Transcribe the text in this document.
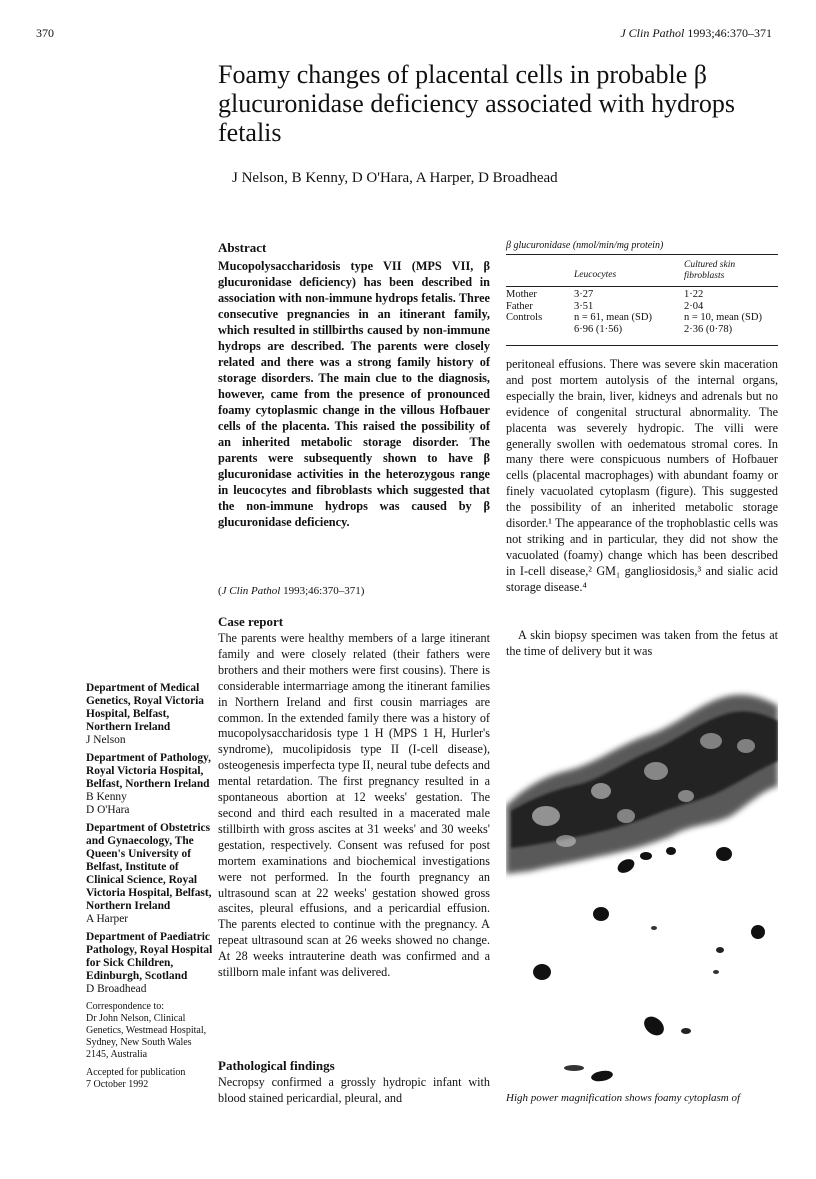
370	J Clin Pathol 1993;46:370–371
Foamy changes of placental cells in probable β glucuronidase deficiency associated with hydrops fetalis
J Nelson, B Kenny, D O'Hara, A Harper, D Broadhead
Abstract

Mucopolysaccharidosis type VII (MPS VII, β glucuronidase deficiency) has been described in association with non-immune hydrops fetalis. Three consecutive pregnancies in an itinerant family, which resulted in stillbirths caused by non-immune hydrops are described. The parents were closely related and there was a strong family history of storage disorders. The main clue to the diagnosis, however, came from the presence of pronounced foamy cytoplasmic change in the villous Hofbauer cells of the placenta. This raised the possibility of an inherited metabolic storage disorder. The parents were subsequently shown to have β glucuronidase activities in the heterozygous range in leucocytes and fibroblasts which suggested that the non-immune hydrops was caused by β glucuronidase deficiency.

(J Clin Pathol 1993;46:370–371)
Case report

The parents were healthy members of a large itinerant family and were closely related (their fathers were brothers and their mothers were first cousins). There is considerable intermarriage among the itinerant families in Northern Ireland and first cousin marriages are common. In the extended family there was a history of mucopolysaccharidosis type 1 H (MPS 1 H, Hurler's syndrome), mucolipidosis type II (I-cell disease), osteogenesis imperfecta type II, neural tube defects and mental retardation. The first pregnancy resulted in a spontaneous abortion at 12 weeks' gestation. The second and third each resulted in a macerated male stillbirth with gross ascites at 31 weeks' and 30 weeks' gestation, respectively. Consent was refused for post mortem examinations and biochemical investigations were not performed. In the fourth pregnancy an ultrasound scan at 22 weeks' gestation showed gross ascites, pleural effusions, and a pericardial effusion. The parents elected to continue with the pregnancy. A repeat ultrasound scan at 26 weeks showed no change. At 28 weeks intrauterine death was confirmed and a stillborn male infant was delivered.

Pathological findings

Necropsy confirmed a grossly hydropic infant with blood stained pericardial, pleural, and

Department of Medical Genetics, Royal Victoria Hospital, Belfast, Northern Ireland
J Nelson
Department of Pathology, Royal Victoria Hospital, Belfast, Northern Ireland
B Kenny
D O'Hara
Department of Obstetrics and Gynaecology, The Queen's University of Belfast, Institute of Clinical Science, Royal Victoria Hospital, Belfast, Northern Ireland
A Harper
Department of Paediatric Pathology, Royal Hospital for Sick Children, Edinburgh, Scotland
D Broadhead
Correspondence to:
Dr John Nelson, Clinical Genetics, Westmead Hospital, Sydney, New South Wales 2145, Australia
Accepted for publication
7 October 1992
β glucuronidase (nmol/min/mg protein)
Leucocytes
Cultured skin
fibroblasts
Mother	3·27	1·22
Father	3·51	2·04
Controls	n = 61, mean (SD)	n = 10, mean (SD)
6·96 (1·56)	2·36 (0·78)

peritoneal effusions. There was severe skin maceration and post mortem autolysis of the internal organs, especially the brain, liver, kidneys and adrenals but no evidence of congenital structural abnormality. The placenta was severely hydropic. The villi were generally swollen with oedematous stromal cores. In many there were conspicuous numbers of Hofbauer cells (placental macrophages) with abundant foamy or finely vacuolated cytoplasm (figure). This suggested the possibility of an inherited metabolic storage disorder.¹ The appearance of the trophoblastic cells was not striking and in particular, they did not show the vacuolated (foamy) change which has been described in I-cell disease,² GM₁ gangliosidosis,³ and sialic acid storage disease.⁴

A skin biopsy specimen was taken from the fetus at the time of delivery but it was

High power magnification shows foamy cytoplasm of
